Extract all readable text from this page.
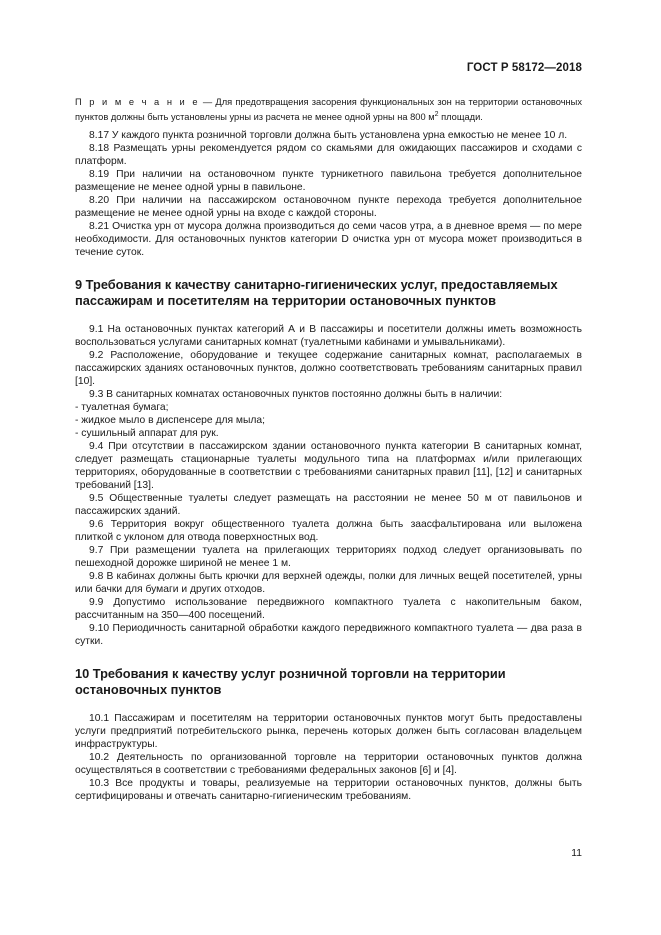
ГОСТ Р 58172—2018

П р и м е ч а н и е — Для предотвращения засорения функциональных зон на территории остановочных пунктов должны быть установлены урны из расчета не менее одной урны на 800 $м^2$ площади.

8.17 У каждого пункта розничной торговли должна быть установлена урна емкостью не менее 10 л.

8.18 Размещать урны рекомендуется рядом со скамьями для ожидающих пассажиров и сходами с платформ.

8.19 При наличии на остановочном пункте турникетного павильона требуется дополнительное размещение не менее одной урны в павильоне.

8.20 При наличии на пассажирском остановочном пункте перехода требуется дополнительное размещение не менее одной урны на входе с каждой стороны.

8.21 Очистка урн от мусора должна производиться до семи часов утра, а в дневное время — по мере необходимости. Для остановочных пунктов категории D очистка урн от мусора может производиться в течение суток.

9 Требования к качеству санитарно-гигиенических услуг, предоставляемых пассажирам и посетителям на территории остановочных пунктов

9.1 На остановочных пунктах категорий А и В пассажиры и посетители должны иметь возможность воспользоваться услугами санитарных комнат (туалетными кабинами и умывальниками).

9.2 Расположение, оборудование и текущее содержание санитарных комнат, располагаемых в пассажирских зданиях остановочных пунктов, должно соответствовать требованиям санитарных правил [10].

9.3 В санитарных комнатах остановочных пунктов постоянно должны быть в наличии:

- туалетная бумага;

- жидкое мыло в диспенсере для мыла;

- сушильный аппарат для рук.

9.4 При отсутствии в пассажирском здании остановочного пункта категории В санитарных комнат, следует размещать стационарные туалеты модульного типа на платформах и/или прилегающих территориях, оборудованные в соответствии с требованиями санитарных правил [11], [12] и санитарных требований [13].

9.5 Общественные туалеты следует размещать на расстоянии не менее 50 м от павильонов и пассажирских зданий.

9.6 Территория вокруг общественного туалета должна быть заасфальтирована или выложена плиткой с уклоном для отвода поверхностных вод.

9.7 При размещении туалета на прилегающих территориях подход следует организовывать по пешеходной дорожке шириной не менее 1 м.

9.8 В кабинах должны быть крючки для верхней одежды, полки для личных вещей посетителей, урны или бачки для бумаги и других отходов.

9.9 Допустимо использование передвижного компактного туалета с накопительным баком, рассчитанным на 350—400 посещений.

9.10 Периодичность санитарной обработки каждого передвижного компактного туалета — два раза в сутки.

10 Требования к качеству услуг розничной торговли на территории остановочных пунктов

10.1 Пассажирам и посетителям на территории остановочных пунктов могут быть предоставлены услуги предприятий потребительского рынка, перечень которых должен быть согласован владельцем инфраструктуры.

10.2 Деятельность по организованной торговле на территории остановочных пунктов должна осуществляться в соответствии с требованиями федеральных законов [6] и [4].

10.3 Все продукты и товары, реализуемые на территории остановочных пунктов, должны быть сертифицированы и отвечать санитарно-гигиеническим требованиям.

11
